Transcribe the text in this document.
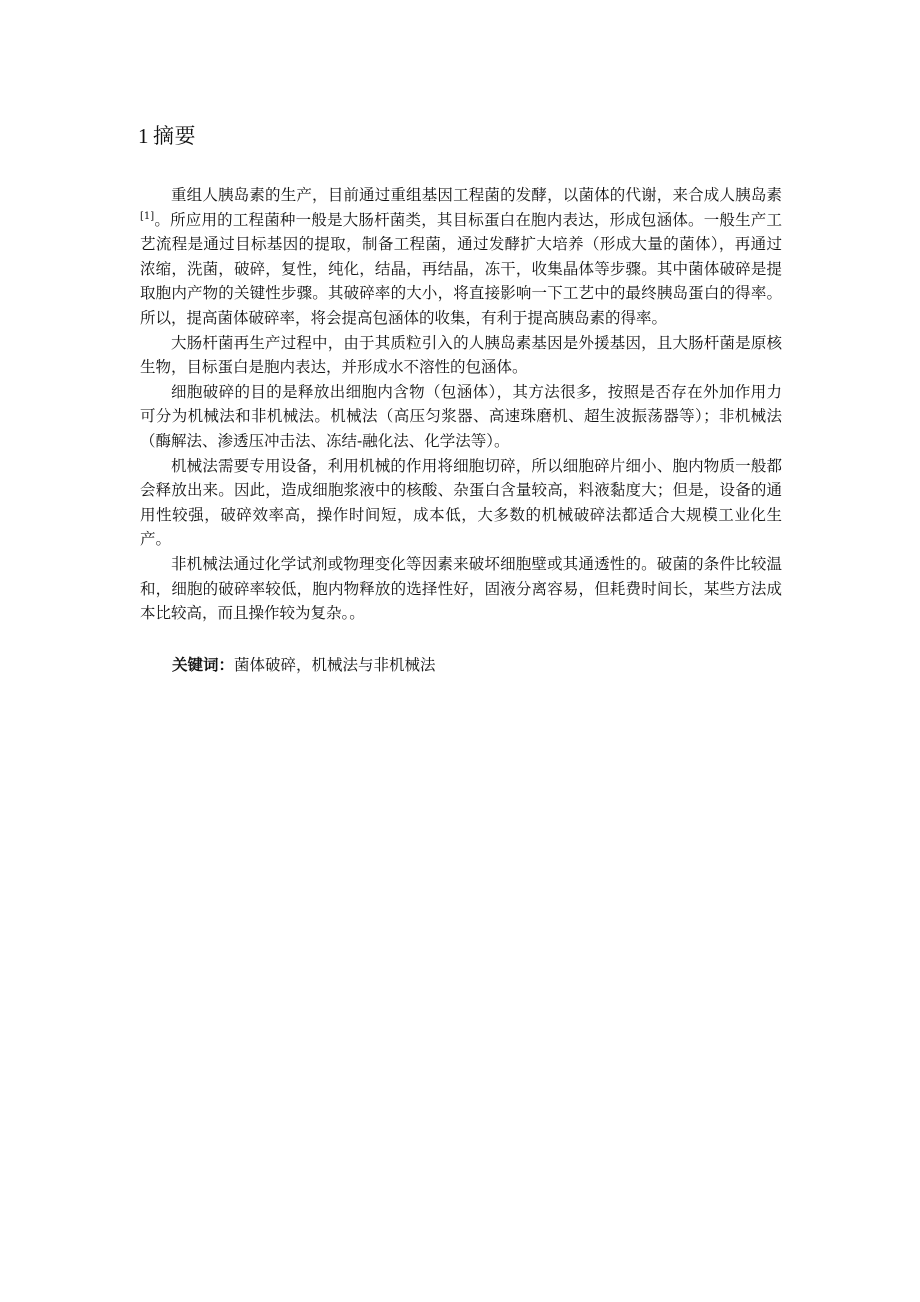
1 摘要

重组人胰岛素的生产，目前通过重组基因工程菌的发酵，以菌体的代谢，来合成人胰岛素[1]。所应用的工程菌种一般是大肠杆菌类，其目标蛋白在胞内表达，形成包涵体。一般生产工艺流程是通过目标基因的提取，制备工程菌，通过发酵扩大培养（形成大量的菌体），再通过浓缩，洗菌，破碎，复性，纯化，结晶，再结晶，冻干，收集晶体等步骤。其中菌体破碎是提取胞内产物的关键性步骤。其破碎率的大小，将直接影响一下工艺中的最终胰岛蛋白的得率。所以，提高菌体破碎率，将会提高包涵体的收集，有利于提高胰岛素的得率。

大肠杆菌再生产过程中，由于其质粒引入的人胰岛素基因是外援基因，且大肠杆菌是原核生物，目标蛋白是胞内表达，并形成水不溶性的包涵体。

细胞破碎的目的是释放出细胞内含物（包涵体），其方法很多，按照是否存在外加作用力可分为机械法和非机械法。机械法（高压匀浆器、高速珠磨机、超生波振荡器等）；非机械法（酶解法、渗透压冲击法、冻结-融化法、化学法等）。

机械法需要专用设备，利用机械的作用将细胞切碎，所以细胞碎片细小、胞内物质一般都会释放出来。因此，造成细胞浆液中的核酸、杂蛋白含量较高，料液黏度大；但是，设备的通用性较强，破碎效率高，操作时间短，成本低，大多数的机械破碎法都适合大规模工业化生产。

非机械法通过化学试剂或物理变化等因素来破坏细胞壁或其通透性的。破菌的条件比较温和，细胞的破碎率较低，胞内物释放的选择性好，固液分离容易，但耗费时间长，某些方法成本比较高，而且操作较为复杂。。

关键词：菌体破碎，机械法与非机械法
